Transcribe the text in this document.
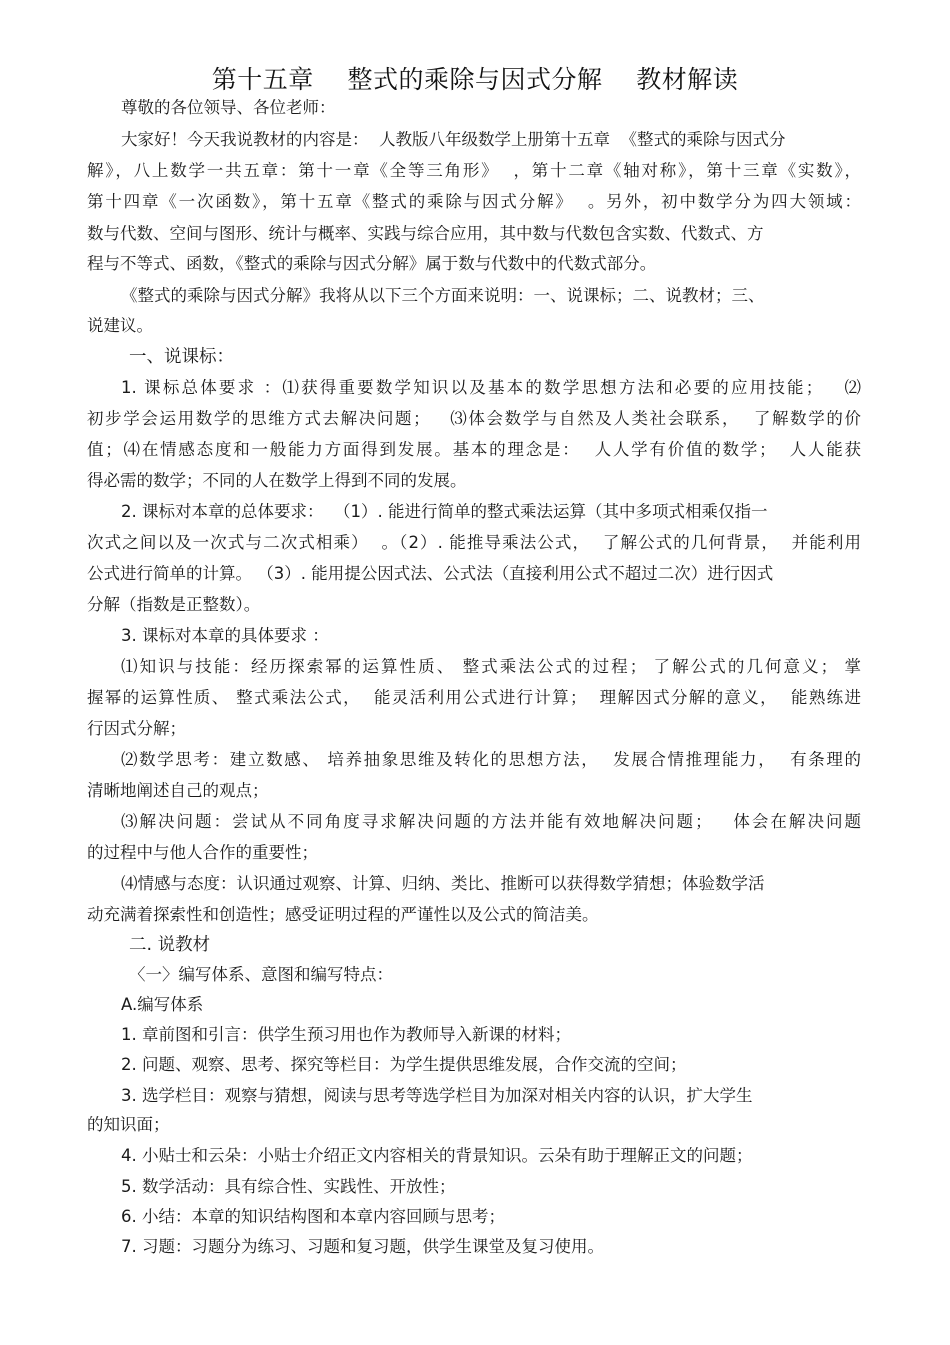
第十五章    整式的乘除与因式分解    教材解读
尊敬的各位领导、各位老师：
大家好！今天我说教材的内容是：  人教版八年级数学上册第十五章  《整式的乘除与因式分
解》，八上数学一共五章：第十一章《全等三角形》  ，第十二章《轴对称》，第十三章《实数》，
第十四章《一次函数》，第十五章《整式的乘除与因式分解》  。另外，初中数学分为四大领域：
数与代数、空间与图形、统计与概率、实践与综合应用，其中数与代数包含实数、代数式、方
程与不等式、函数，《整式的乘除与因式分解》属于数与代数中的代数式部分。
《整式的乘除与因式分解》我将从以下三个方面来说明：一、说课标；二、说教材；三、
说建议。
一、说课标：
1. 课标总体要求 ：⑴获得重要数学知识以及基本的数学思想方法和必要的应用技能；   ⑵
初步学会运用数学的思维方式去解决问题；   ⑶体会数学与自然及人类社会联系，  了解数学的价
值；⑷在情感态度和一般能力方面得到发展。基本的理念是：  人人学有价值的数学；  人人能获
得必需的数学；不同的人在数学上得到不同的发展。
2. 课标对本章的总体要求：  （1）. 能进行简单的整式乘法运算（其中多项式相乘仅指一
次式之间以及一次式与二次式相乘）  。（2）. 能推导乘法公式，  了解公式的几何背景，  并能利用
公式进行简单的计算。 （3）. 能用提公因式法、公式法（直接利用公式不超过二次）进行因式
分解（指数是正整数）。
3. 课标对本章的具体要求 ：
⑴知识与技能：经历探索幂的运算性质、 整式乘法公式的过程； 了解公式的几何意义； 掌
握幂的运算性质、 整式乘法公式，  能灵活利用公式进行计算；  理解因式分解的意义，  能熟练进
行因式分解；
⑵数学思考：建立数感、 培养抽象思维及转化的思想方法，  发展合情推理能力，  有条理的
清晰地阐述自己的观点；
⑶解决问题：尝试从不同角度寻求解决问题的方法并能有效地解决问题；   体会在解决问题
的过程中与他人合作的重要性；
⑷情感与态度：认识通过观察、计算、归纳、类比、推断可以获得数学猜想；体验数学活
动充满着探索性和创造性；感受证明过程的严谨性以及公式的简洁美。
二. 说教材
〈一〉编写体系、意图和编写特点：
A.编写体系
1. 章前图和引言：供学生预习用也作为教师导入新课的材料；
2. 问题、观察、思考、探究等栏目：为学生提供思维发展，合作交流的空间；
3. 选学栏目：观察与猜想，阅读与思考等选学栏目为加深对相关内容的认识，扩大学生
的知识面；
4. 小贴士和云朵：小贴士介绍正文内容相关的背景知识。云朵有助于理解正文的问题；
5. 数学活动：具有综合性、实践性、开放性；
6. 小结：本章的知识结构图和本章内容回顾与思考；
7. 习题：习题分为练习、习题和复习题，供学生课堂及复习使用。
